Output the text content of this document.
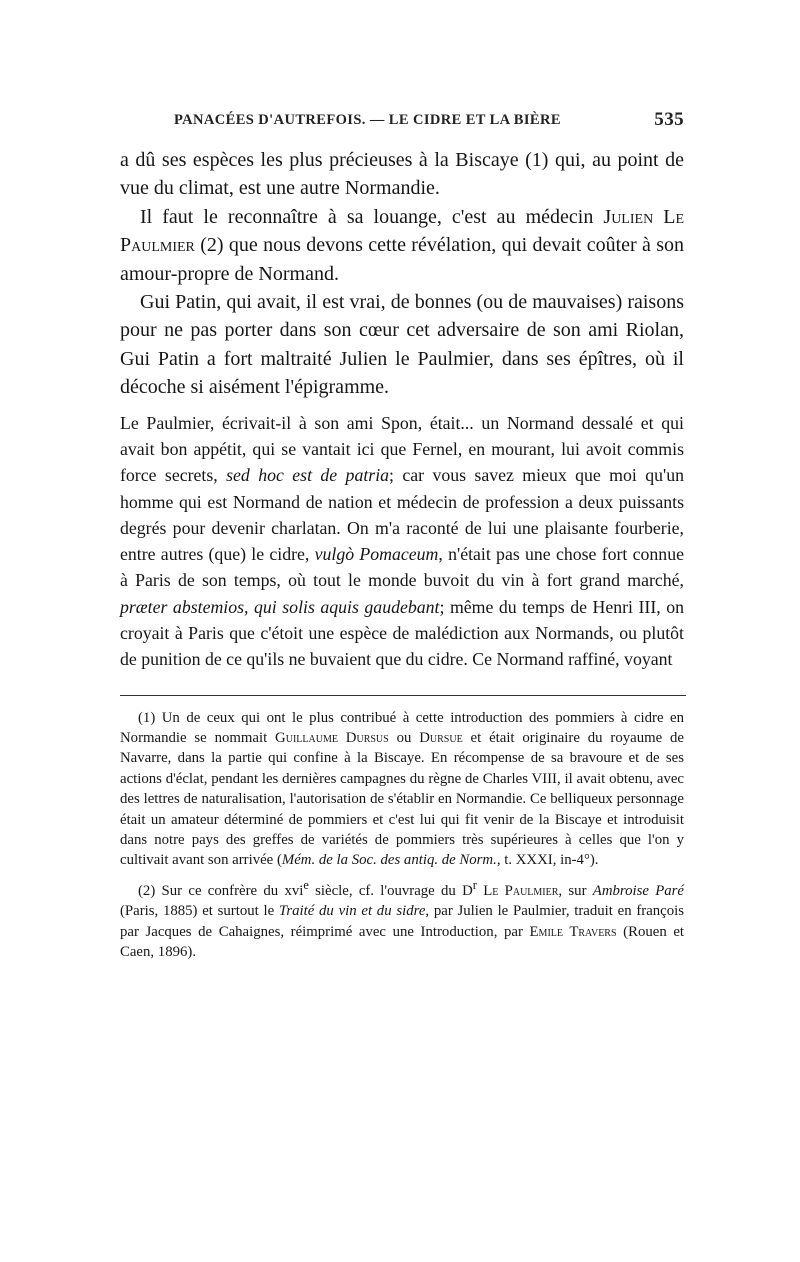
PANACÉES D'AUTREFOIS. — LE CIDRE ET LA BIÈRE	535

a dû ses espèces les plus précieuses à la Biscaye (1) qui, au point de vue du climat, est une autre Normandie.

Il faut le reconnaître à sa louange, c'est au médecin Julien Le Paulmier (2) que nous devons cette révélation, qui devait coûter à son amour-propre de Normand.

Gui Patin, qui avait, il est vrai, de bonnes (ou de mauvaises) raisons pour ne pas porter dans son cœur cet adversaire de son ami Riolan, Gui Patin a fort maltraité Julien le Paulmier, dans ses épîtres, où il décoche si aisément l'épigramme.

Le Paulmier, écrivait-il à son ami Spon, était... un Normand dessalé et qui avait bon appétit, qui se vantait ici que Fernel, en mourant, lui avoit commis force secrets, sed hoc est de patria; car vous savez mieux que moi qu'un homme qui est Normand de nation et médecin de profession a deux puissants degrés pour devenir charlatan. On m'a raconté de lui une plaisante fourberie, entre autres (que) le cidre, vulgò Pomaceum, n'était pas une chose fort connue à Paris de son temps, où tout le monde buvoit du vin à fort grand marché, præter abstemios, qui solis aquis gaudebant; même du temps de Henri III, on croyait à Paris que c'étoit une espèce de malédiction aux Normands, ou plutôt de punition de ce qu'ils ne buvaient que du cidre. Ce Normand raffiné, voyant

(1) Un de ceux qui ont le plus contribué à cette introduction des pommiers à cidre en Normandie se nommait Guillaume Dursus ou Dursue et était originaire du royaume de Navarre, dans la partie qui confine à la Biscaye. En récompense de sa bravoure et de ses actions d'éclat, pendant les dernières campagnes du règne de Charles VIII, il avait obtenu, avec des lettres de naturalisation, l'autorisation de s'établir en Normandie. Ce belliqueux personnage était un amateur déterminé de pommiers et c'est lui qui fit venir de la Biscaye et introduisit dans notre pays des greffes de variétés de pommiers très supérieures à celles que l'on y cultivait avant son arrivée (Mém. de la Soc. des antiq. de Norm., t. XXXI, in-4°).

(2) Sur ce confrère du xvi$^e$ siècle, cf. l'ouvrage du $D^r$ Le Paulmier, sur Ambroise Paré (Paris, 1885) et surtout le Traité du vin et du sidre, par Julien le Paulmier, traduit en françois par Jacques de Cahaignes, réimprimé avec une Introduction, par Emile Travers (Rouen et Caen, 1896).
